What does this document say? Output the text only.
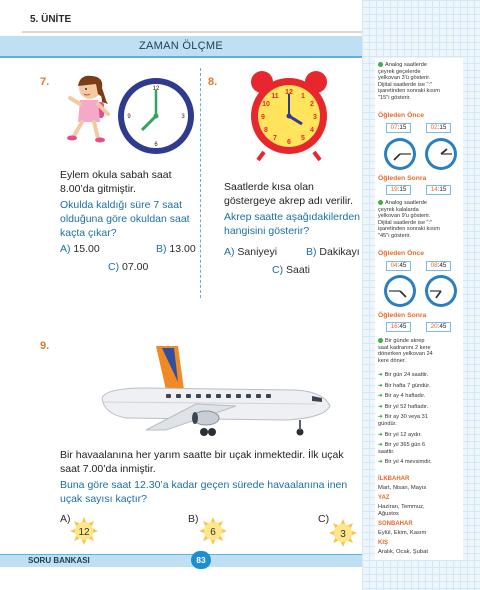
5. ÜNİTE
ZAMAN ÖLÇME
7.
12
3
6
9
Eylem okula sabah saat
8.00’da gitmiştir.
Okulda kaldığı süre 7 saat
olduğuna göre okuldan saat
kaçta çıkar?
A) 15.00	B) 13.00
C) 07.00
8.
12
3
6
9
1
2
4
5
7
8
10
11
Saatlerde kısa olan
göstergeye akrep adı verilir.
Akrep saatte aşağıdakilerden
hangisini gösterir?
A) Saniyeyi	B) Dakikayı
C) Saati
9.
Bir havaalanına her yarım saatte bir uçak inmektedir. İlk uçak
saat 7.00’da inmiştir.
Buna göre saat 12.30’a kadar geçen sürede havaalanına inen
uçak sayısı kaçtır?
A)
12
B)
6
C)
3
Analog saatlerde
çeyrek geçelerde
yelkovan 3'ü gösterir.
Dijital saatlerde ise ":"
işaretinden sonraki kısım
"15"i gösterir.
Öğleden Önce
07:15	02:15
Öğleden Sonra
19:15	14:15
Analog saatlerde
çeyrek kalalarda
yelkovan 9'u gösterir.
Dijital saatlerde ise ":"
işaretinden sonraki kısım
"45"i gösterir.
Öğleden Önce
04:45	08:45
Öğleden Sonra
16:45	20:45
Bir günde akrep
saat kadranını 2 kere
dönerken yelkovan 24
kere döner.
➜ Bir gün 24 saattir.
➜ Bir hafta 7 gündür.
➜ Bir ay 4 haftadır.
➜ Bir yıl 52 haftadır.
➜ Bir ay 30 veya 31
gündür.
➜ Bir yıl 12 aydır.
➜ Bir yıl 365 gün 6
saattir.
➜ Bir yıl 4 mevsimdir.
İLKBAHAR
Mart, Nisan, Mayıs
YAZ
Haziran, Temmuz,
Ağustos
SONBAHAR
Eylül, Ekim, Kasım
KIŞ
Aralık, Ocak, Şubat
SORU BANKASI	83
